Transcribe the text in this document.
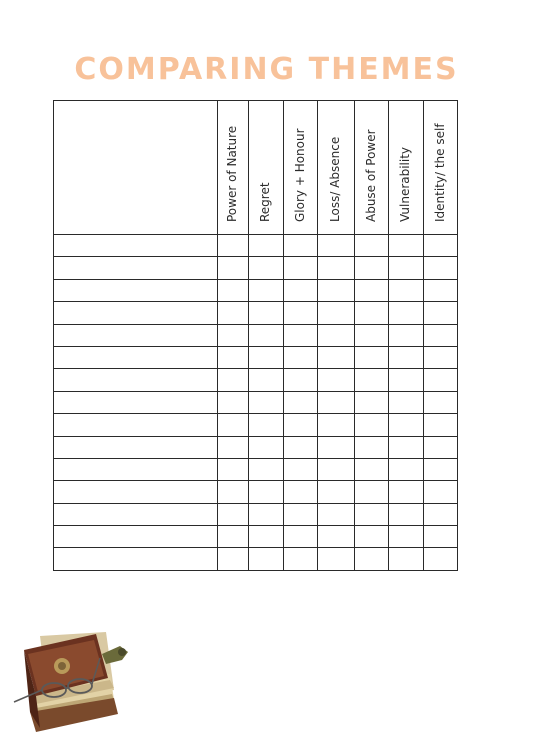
COMPARING THEMES

	Power of Nature	Regret	Glory + Honour	Loss/ Absence	Abuse of Power	Vulnerability	Identity/ the self
